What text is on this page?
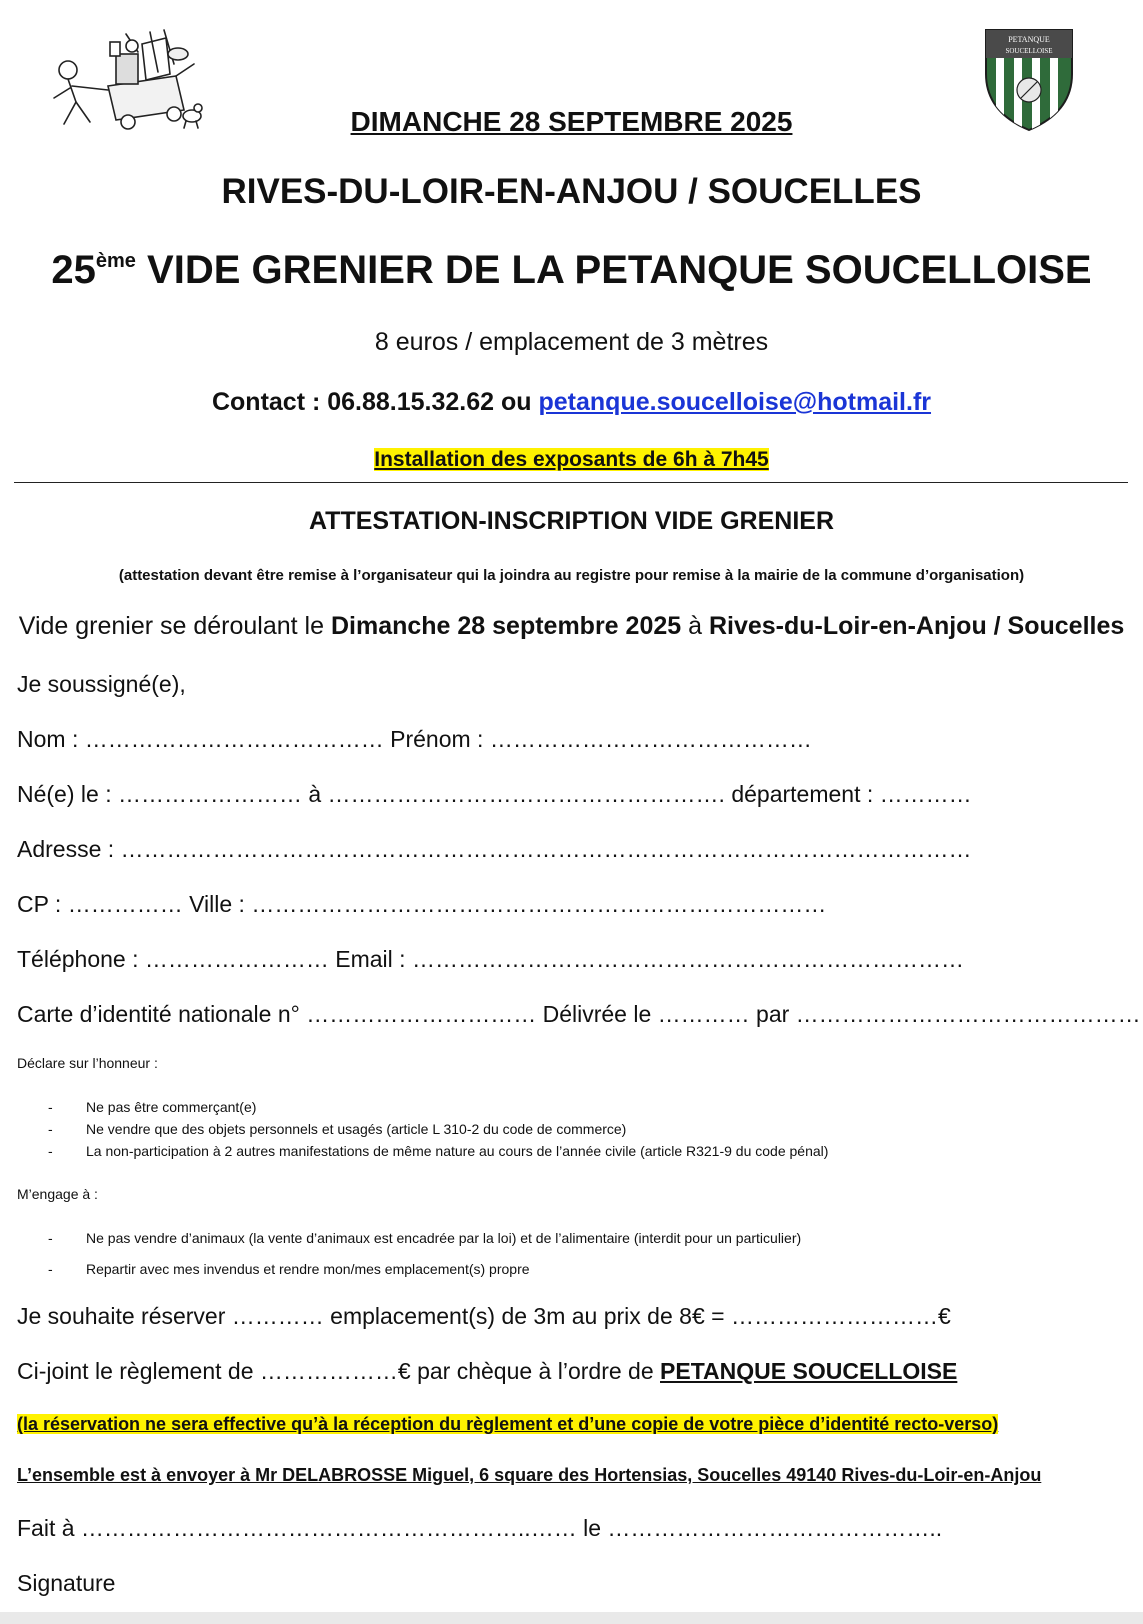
PETANQUE
SOUCELLOISE
DIMANCHE 28 SEPTEMBRE 2025
RIVES-DU-LOIR-EN-ANJOU / SOUCELLES
25ème VIDE GRENIER DE LA PETANQUE SOUCELLOISE
8 euros / emplacement de 3 mètres
Contact : 06.88.15.32.62 ou petanque.soucelloise@hotmail.fr
Installation des exposants de 6h à 7h45
ATTESTATION-INSCRIPTION VIDE GRENIER
(attestation devant être remise à l’organisateur qui la joindra au registre pour remise à la mairie de la commune d’organisation)
Vide grenier se déroulant le Dimanche 28 septembre 2025 à Rives-du-Loir-en-Anjou / Soucelles
Je soussigné(e),
Nom : ………………………………… Prénom : ……………………………………
Né(e) le : …………………… à ……………………………………………. département : …………
Adresse : …………………………………………………………………………………………………
CP : …………… Ville : …………………………………………………………………
Téléphone : …………………… Email : ………………………………………………………………
Carte d’identité nationale n° ………………………… Délivrée le ………… par ………………………………………
Déclare sur l’honneur :
- Ne pas être commerçant(e)
- Ne vendre que des objets personnels et usagés (article L 310-2 du code de commerce)
- La non-participation à 2 autres manifestations de même nature au cours de l’année civile (article R321-9 du code pénal)
M’engage à :
- Ne pas vendre d’animaux (la vente d’animaux est encadrée par la loi) et de l’alimentaire (interdit pour un particulier)
- Repartir avec mes invendus et rendre mon/mes emplacement(s) propre
Je souhaite réserver ………… emplacement(s) de 3m au prix de 8€ = ………………………€
Ci-joint le règlement de ………………€ par chèque à l’ordre de PETANQUE SOUCELLOISE
(la réservation ne sera effective qu’à la réception du règlement et d’une copie de votre pièce d’identité recto-verso)
L’ensemble est à envoyer à Mr DELABROSSE Miguel, 6 square des Hortensias, Soucelles 49140 Rives-du-Loir-en-Anjou
Fait à …………………………………………………..…… le ……………………………………..
Signature
